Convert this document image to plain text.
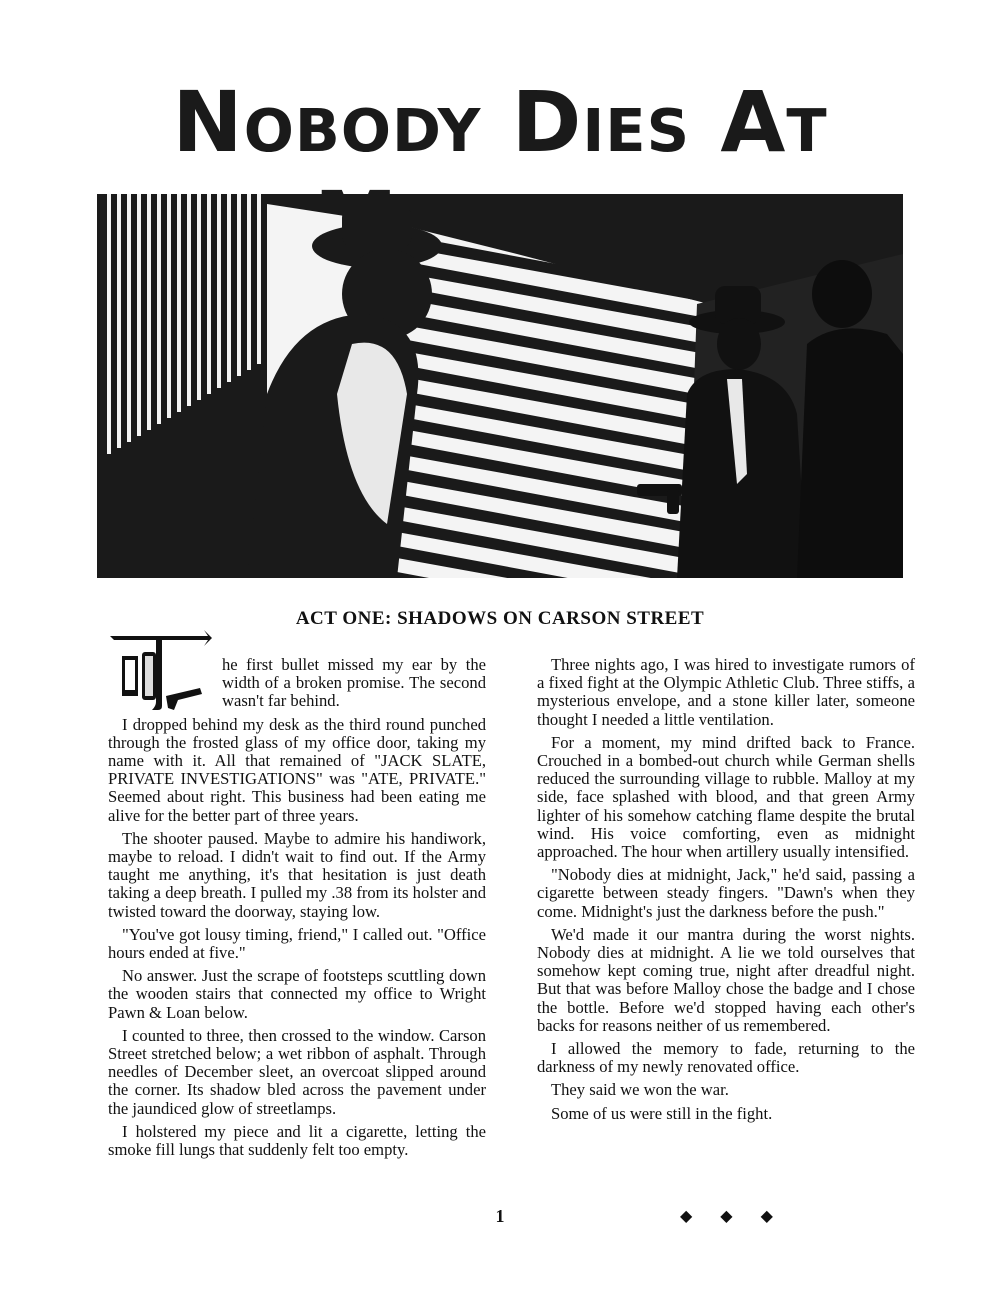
Nobody Dies At
ACT ONE: SHADOWS ON CARSON STREET

he first bullet missed my ear by the width of a broken promise. The second wasn't far behind.

I dropped behind my desk as the third round punched through the frosted glass of my office door, taking my name with it. All that remained of "JACK SLATE, PRIVATE INVESTIGATIONS" was "ATE, PRIVATE." Seemed about right. This business had been eating me alive for the better part of three years.

The shooter paused. Maybe to admire his handiwork, maybe to reload. I didn't wait to find out. If the Army taught me anything, it's that hesitation is just death taking a deep breath. I pulled my .38 from its holster and twisted toward the doorway, staying low.

"You've got lousy timing, friend," I called out. "Office hours ended at five."

No answer. Just the scrape of footsteps scuttling down the wooden stairs that connected my office to Wright Pawn & Loan below.

I counted to three, then crossed to the window. Carson Street stretched below; a wet ribbon of asphalt. Through needles of December sleet, an overcoat slipped around the corner. Its shadow bled across the pavement under the jaundiced glow of streetlamps.

I holstered my piece and lit a cigarette, letting the smoke fill lungs that suddenly felt too empty.

Three nights ago, I was hired to investigate rumors of a fixed fight at the Olympic Athletic Club. Three stiffs, a mysterious envelope, and a stone killer later, someone thought I needed a little ventilation.

For a moment, my mind drifted back to France. Crouched in a bombed-out church while German shells reduced the surrounding village to rubble. Malloy at my side, face splashed with blood, and that green Army lighter of his somehow catching flame despite the brutal wind. His voice comforting, even as midnight approached. The hour when artillery usually intensified.

"Nobody dies at midnight, Jack," he'd said, passing a cigarette between steady fingers. "Dawn's when they come. Midnight's just the darkness before the push."

We'd made it our mantra during the worst nights. Nobody dies at midnight. A lie we told ourselves that somehow kept coming true, night after dreadful night. But that was before Malloy chose the badge and I chose the bottle. Before we'd stopped having each other's backs for reasons neither of us remembered.

I allowed the memory to fade, returning to the darkness of my newly renovated office.

They said we won the war.

Some of us were still in the fight.

1	◆◆◆
